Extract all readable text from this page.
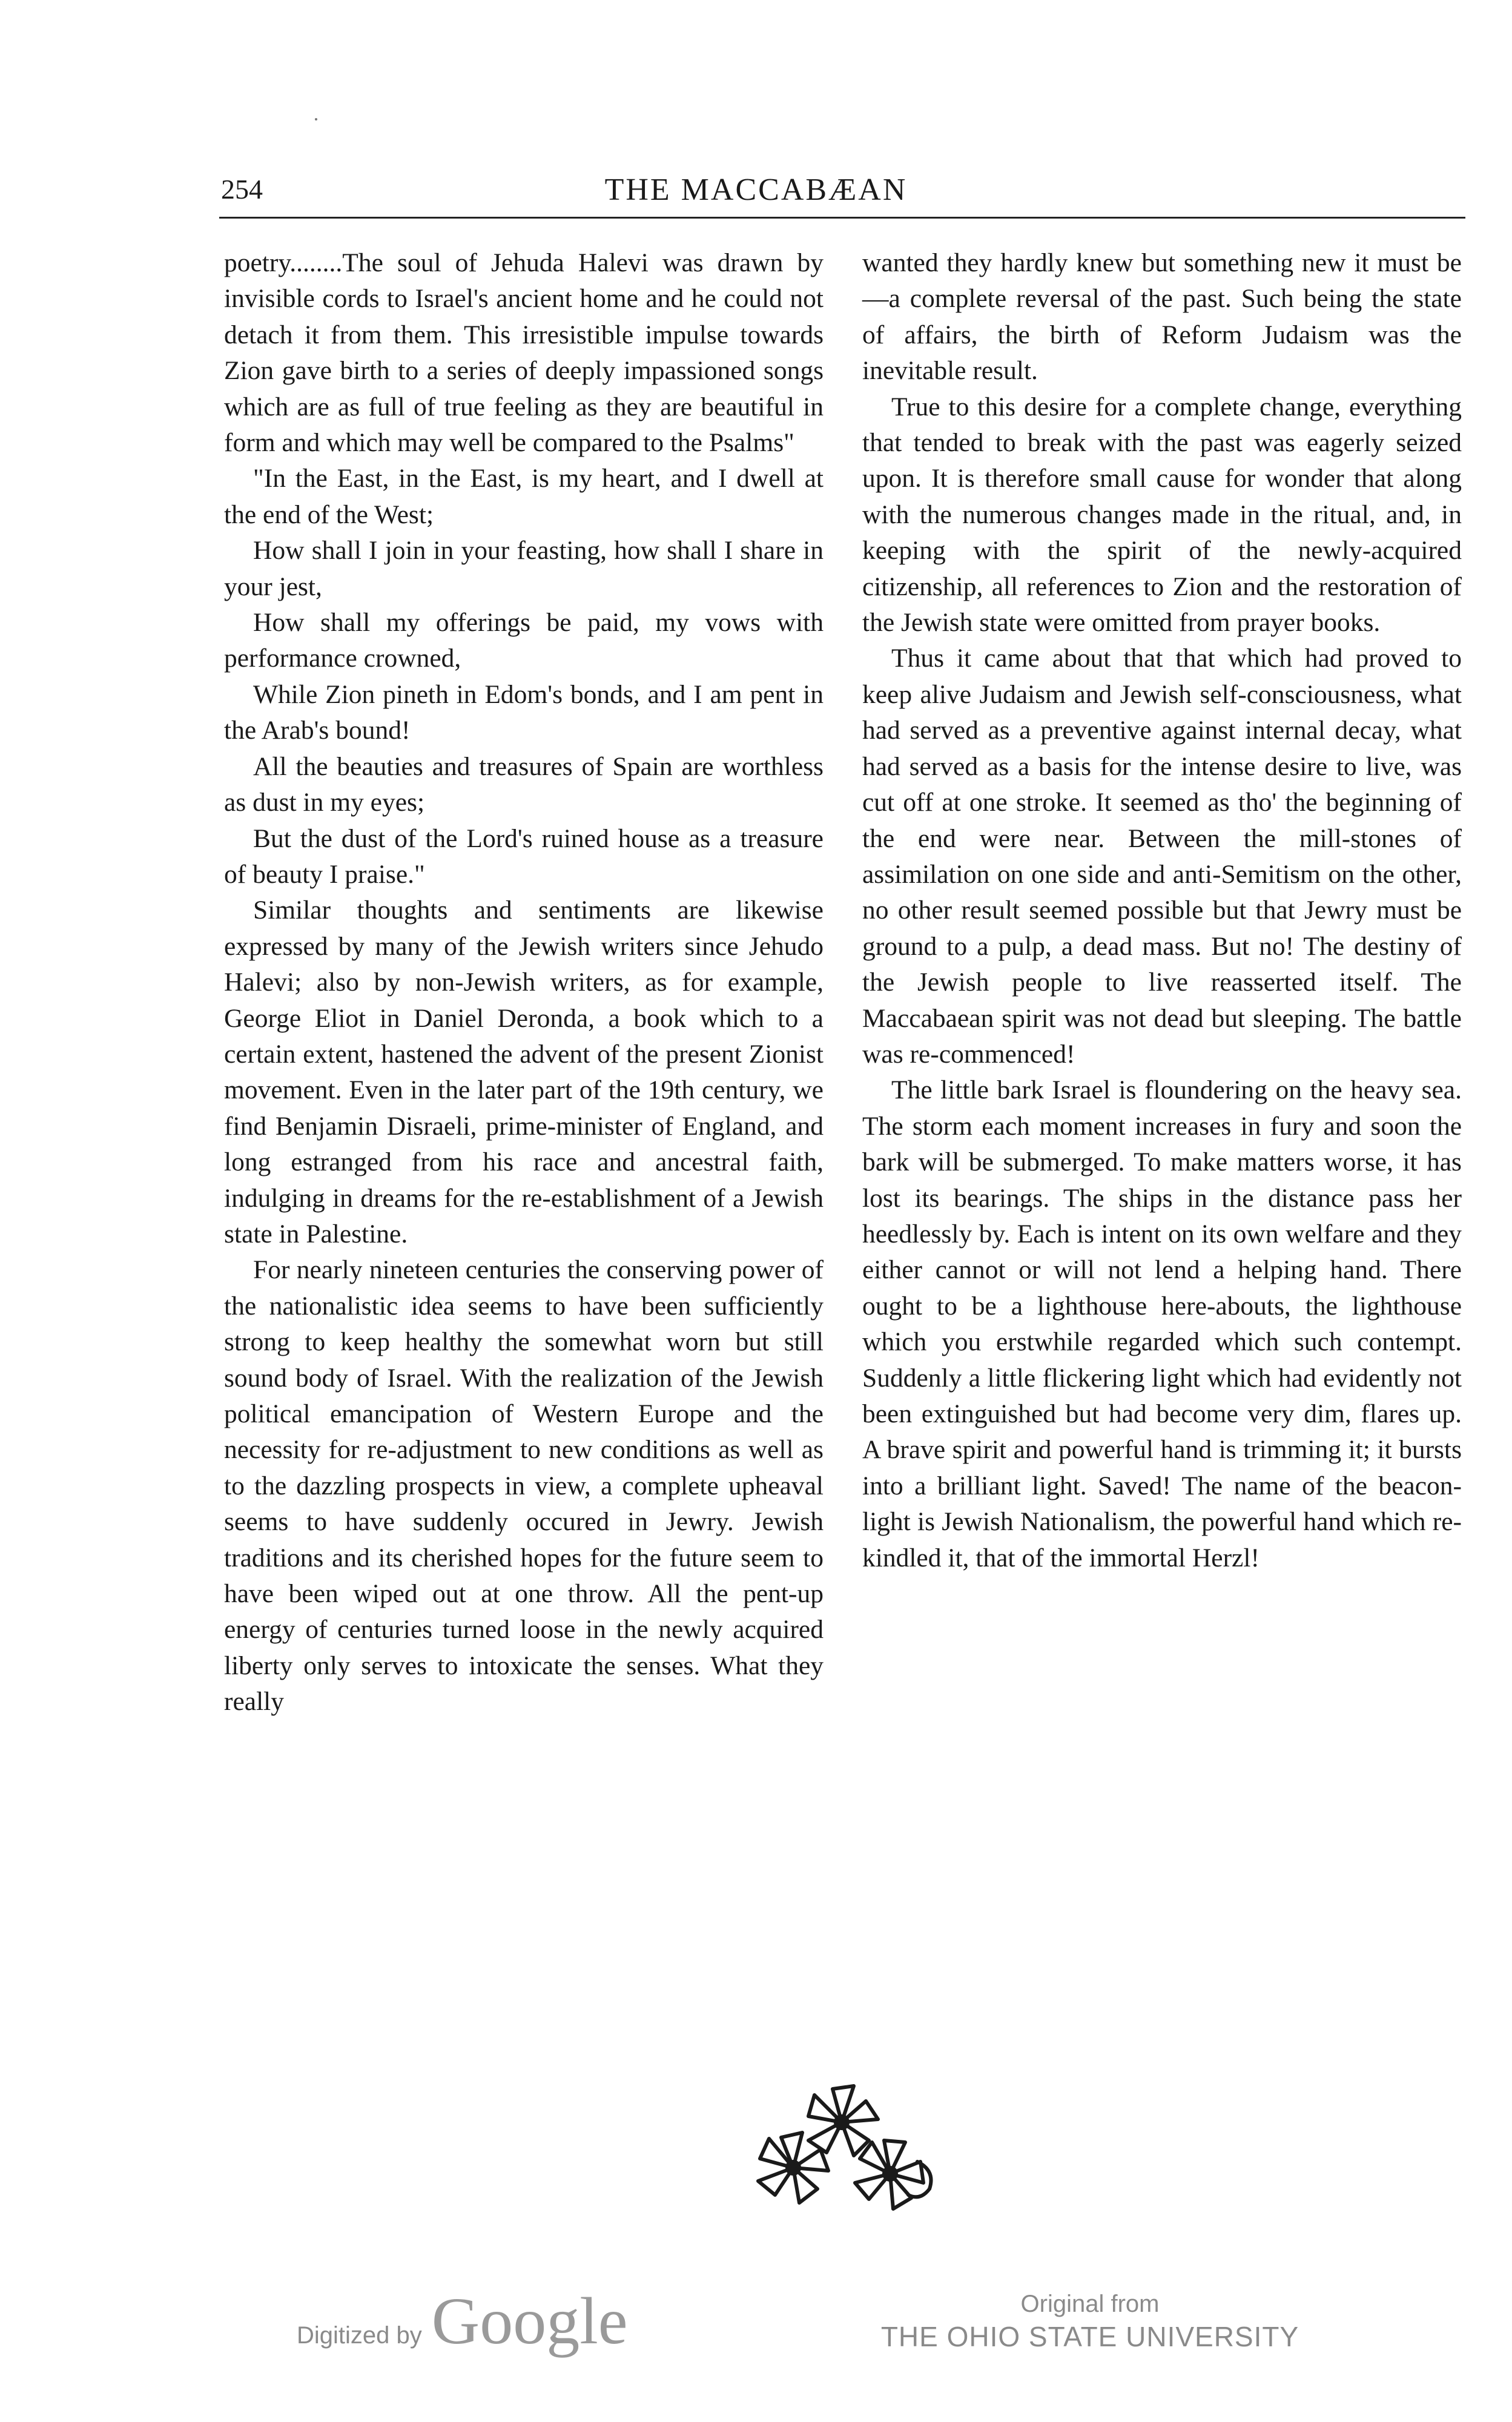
254	THE MACCABÆAN

poetry........The soul of Jehuda Halevi was drawn by invisible cords to Israel's ancient home and he could not detach it from them. This irresistible impulse towards Zion gave birth to a series of deeply impassioned songs which are as full of true feeling as they are beautiful in form and which may well be compared to the Psalms"

"In the East, in the East, is my heart, and I dwell at the end of the West;

How shall I join in your feasting, how shall I share in your jest,

How shall my offerings be paid, my vows with performance crowned,

While Zion pineth in Edom's bonds, and I am pent in the Arab's bound!

All the beauties and treasures of Spain are worthless as dust in my eyes;

But the dust of the Lord's ruined house as a treasure of beauty I praise."

Similar thoughts and sentiments are likewise expressed by many of the Jewish writers since Jehudo Halevi; also by non-Jewish writers, as for example, George Eliot in Daniel Deronda, a book which to a certain extent, hastened the advent of the present Zionist movement. Even in the later part of the 19th century, we find Benjamin Disraeli, prime-minister of England, and long estranged from his race and ancestral faith, indulging in dreams for the re-establishment of a Jewish state in Palestine.

For nearly nineteen centuries the conserving power of the nationalistic idea seems to have been sufficiently strong to keep healthy the somewhat worn but still sound body of Israel. With the realization of the Jewish political emancipation of Western Europe and the necessity for re-adjustment to new conditions as well as to the dazzling prospects in view, a complete upheaval seems to have suddenly occured in Jewry. Jewish traditions and its cherished hopes for the future seem to have been wiped out at one throw. All the pent-up energy of centuries turned loose in the newly acquired liberty only serves to intoxicate the senses. What they really

wanted they hardly knew but something new it must be—a complete reversal of the past. Such being the state of affairs, the birth of Reform Judaism was the inevitable result.

True to this desire for a complete change, everything that tended to break with the past was eagerly seized upon. It is therefore small cause for wonder that along with the numerous changes made in the ritual, and, in keeping with the spirit of the newly-acquired citizenship, all references to Zion and the restoration of the Jewish state were omitted from prayer books.

Thus it came about that that which had proved to keep alive Judaism and Jewish self-consciousness, what had served as a preventive against internal decay, what had served as a basis for the intense desire to live, was cut off at one stroke. It seemed as tho' the beginning of the end were near. Between the mill-stones of assimilation on one side and anti-Semitism on the other, no other result seemed possible but that Jewry must be ground to a pulp, a dead mass. But no! The destiny of the Jewish people to live reasserted itself. The Maccabaean spirit was not dead but sleeping. The battle was re-commenced!

The little bark Israel is floundering on the heavy sea. The storm each moment increases in fury and soon the bark will be submerged. To make matters worse, it has lost its bearings. The ships in the distance pass her heedlessly by. Each is intent on its own welfare and they either cannot or will not lend a helping hand. There ought to be a lighthouse here-abouts, the lighthouse which you erstwhile regarded which such contempt. Suddenly a little flickering light which had evidently not been extinguished but had become very dim, flares up. A brave spirit and powerful hand is trimming it; it bursts into a brilliant light. Saved! The name of the beacon-light is Jewish Nationalism, the powerful hand which re-kindled it, that of the immortal Herzl!

Digitized by Google	Original from
THE OHIO STATE UNIVERSITY
